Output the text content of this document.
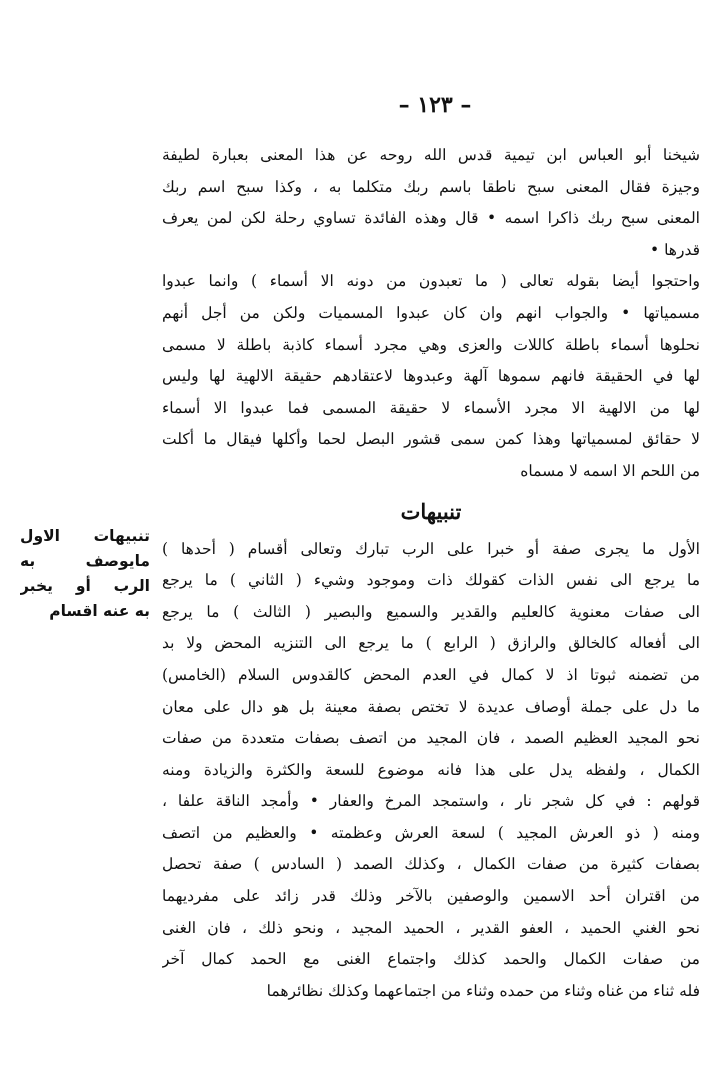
– ١٢٣ –
شيخنا أبو العباس ابن تيمية قدس الله روحه عن هذا المعنى بعبارة لطيفة
وجيزة فقال المعنى سبح ناطقا باسم ربك متكلما به ، وكذا سبح اسم ربك
المعنى سبح ربك ذاكرا اسمه • قال وهذه الفائدة تساوي رحلة لكن لمن يعرف
قدرها •
واحتجوا أيضا بقوله تعالى ( ما تعبدون من دونه الا أسماء ) وانما عبدوا
مسمياتها • والجواب انهم وان كان عبدوا المسميات ولكن من أجل أنهم
نحلوها أسماء باطلة كاللات والعزى وهي مجرد أسماء كاذبة باطلة لا مسمى
لها في الحقيقة فانهم سموها آلهة وعبدوها لاعتقادهم حقيقة الالهية لها وليس
لها من الالهية الا مجرد الأسماء لا حقيقة المسمى فما عبدوا الا أسماء
لا حقائق لمسمياتها وهذا كمن سمى قشور البصل لحما وأكلها فيقال ما أكلت
من اللحم الا اسمه لا مسماه
تنبيهات
الأول ما يجرى صفة أو خبرا على الرب تبارك وتعالى أقسام ( أحدها )
ما يرجع الى نفس الذات كقولك ذات وموجود وشيء ( الثاني ) ما يرجع
الى صفات معنوية كالعليم والقدير والسميع والبصير ( الثالث ) ما يرجع
الى أفعاله كالخالق والرازق ( الرابع ) ما يرجع الى التنزيه المحض ولا بد
من تضمنه ثبوتا اذ لا كمال في العدم المحض كالقدوس السلام (الخامس)
ما دل على جملة أوصاف عديدة لا تختص بصفة معينة بل هو دال على معان
نحو المجيد العظيم الصمد ، فان المجيد من اتصف بصفات متعددة من صفات
الكمال ، ولفظه يدل على هذا فانه موضوع للسعة والكثرة والزيادة ومنه
قولهم : في كل شجر نار ، واستمجد المرخ والعفار • وأمجد الناقة علفا ،
ومنه ( ذو العرش المجيد ) لسعة العرش وعظمته • والعظيم من اتصف
بصفات كثيرة من صفات الكمال ، وكذلك الصمد ( السادس ) صفة تحصل
من اقتران أحد الاسمين والوصفين بالآخر وذلك قدر زائد على مفرديهما
نحو الغني الحميد ، العفو القدير ، الحميد المجيد ، ونحو ذلك ، فان الغنى
من صفات الكمال والحمد كذلك واجتماع الغنى مع الحمد كمال آخر
فله ثناء من غناه وثناء من حمده وثناء من اجتماعهما وكذلك نظائرهما
تنبيهات الاول
مايوصف به
الرب أو يخبر
به عنه اقسام
